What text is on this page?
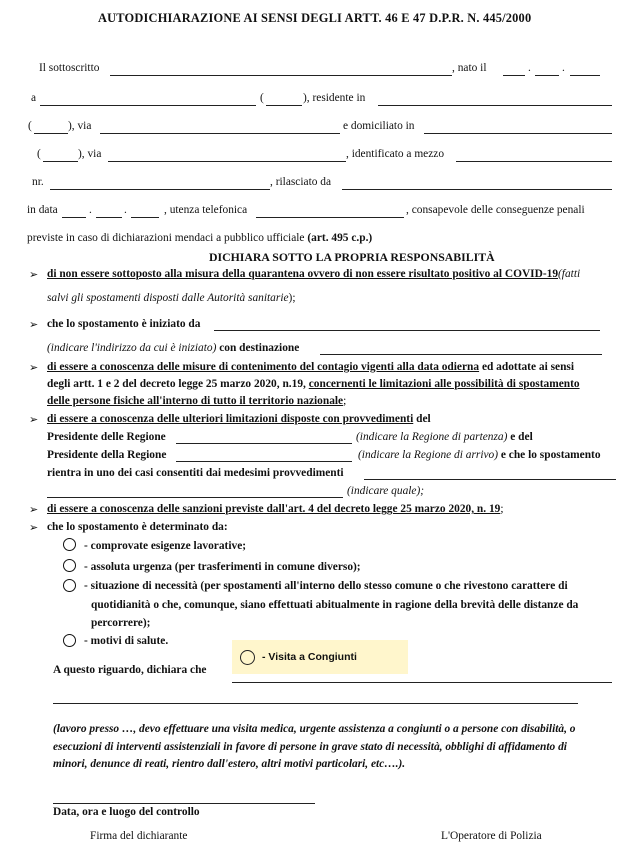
AUTODICHIARAZIONE AI SENSI DEGLI ARTT. 46 E 47 D.P.R. N. 445/2000
Il sottoscritto	, nato il	.	.
a	(	), residente in
(	), via	e domiciliato in
(	), via	, identificato a mezzo
nr.	, rilasciato da
in data	.	.	, utenza telefonica	, consapevole delle conseguenze penali
previste in caso di dichiarazioni mendaci a pubblico ufficiale (art. 495 c.p.)
DICHIARA SOTTO LA PROPRIA RESPONSABILITÀ
➢ di non essere sottoposto alla misura della quarantena ovvero di non essere risultato positivo al COVID-19(fatti
salvi gli spostamenti disposti dalle Autorità sanitarie);
➢ che lo spostamento è iniziato da
(indicare l'indirizzo da cui è iniziato) con destinazione
➢ di essere a conoscenza delle misure di contenimento del contagio vigenti alla data odierna ed adottate ai sensi
degli artt. 1 e 2 del decreto legge 25 marzo 2020, n.19, concernenti le limitazioni alle possibilità di spostamento
delle persone fisiche all'interno di tutto il territorio nazionale;
➢ di essere a conoscenza delle ulteriori limitazioni disposte con provvedimenti del
Presidente delle Regione	(indicare la Regione di partenza) e del
Presidente della Regione	(indicare la Regione di arrivo) e che lo spostamento
rientra in uno dei casi consentiti dai medesimi provvedimenti
(indicare quale);
➢ di essere a conoscenza delle sanzioni previste dall'art. 4 del decreto legge 25 marzo 2020, n. 19;
➢ che lo spostamento è determinato da:
- comprovate esigenze lavorative;
- assoluta urgenza (per trasferimenti in comune diverso);
- situazione di necessità (per spostamenti all'interno dello stesso comune o che rivestono carattere di
quotidianità o che, comunque, siano effettuati abitualmente in ragione della brevità delle distanze da
percorrere);
- motivi di salute.
- Visita a Congiunti
A questo riguardo, dichiara che
(lavoro presso …, devo effettuare una visita medica, urgente assistenza a congiunti o a persone con disabilità, o
esecuzioni di interventi assistenziali in favore di persone in grave stato di necessità, obblighi di affidamento di
minori, denunce di reati, rientro dall'estero, altri motivi particolari, etc….).
Data, ora e luogo del controllo
Firma del dichiarante	L'Operatore di Polizia
